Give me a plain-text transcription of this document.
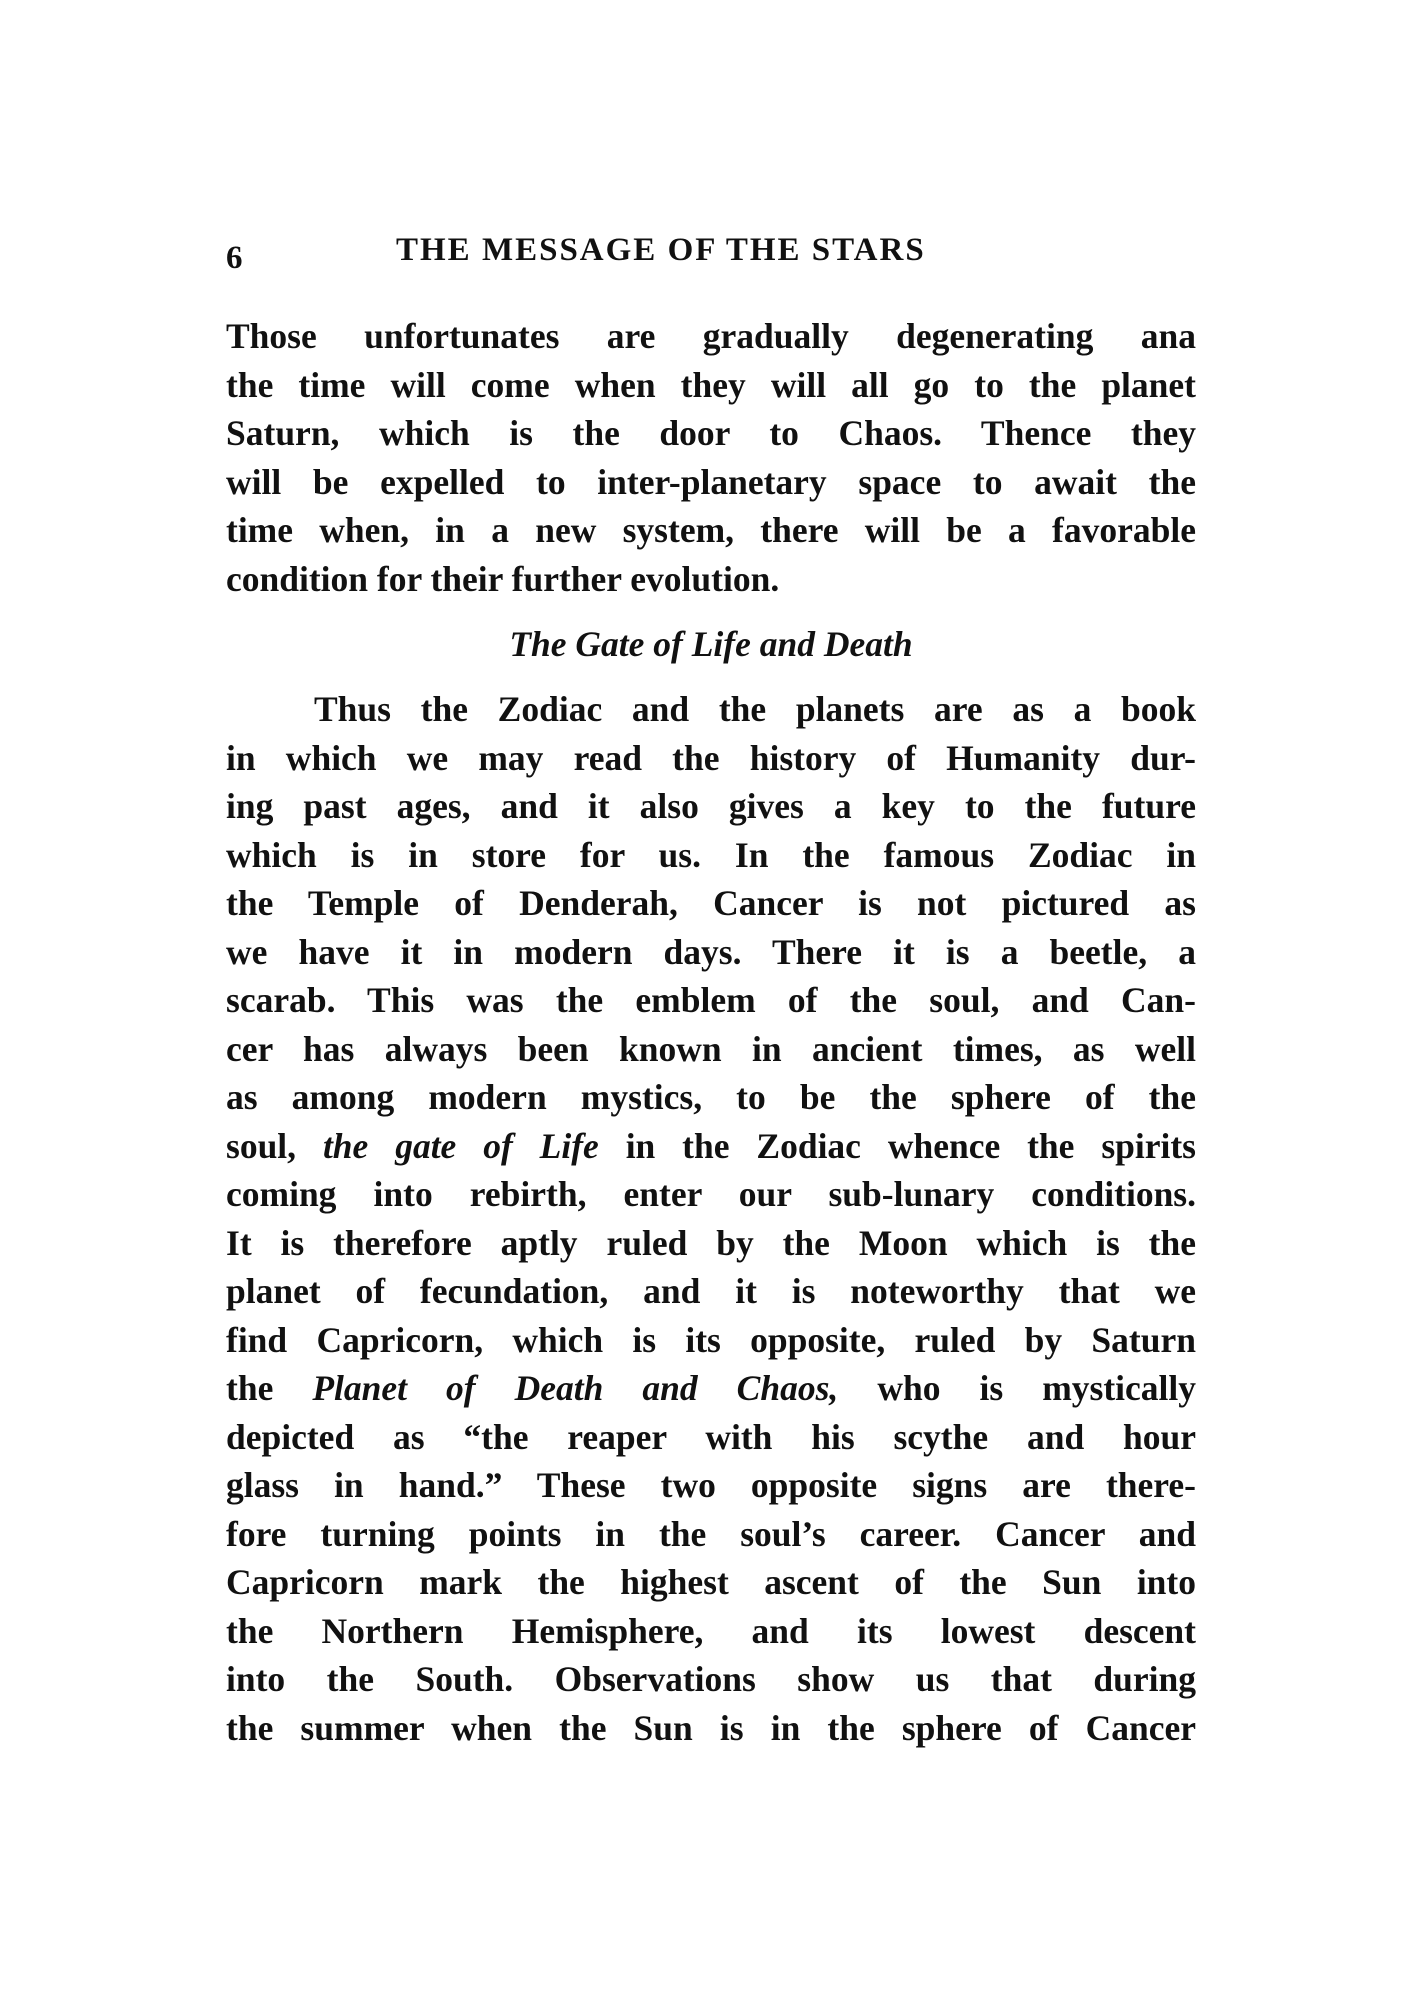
6	THE MESSAGE OF THE STARS
Those unfortunates are gradually degenerating ana
the time will come when they will all go to the planet
Saturn, which is the door to Chaos. Thence they
will be expelled to inter-planetary space to await the
time when, in a new system, there will be a favorable
condition for their further evolution.
The Gate of Life and Death
Thus the Zodiac and the planets are as a book
in which we may read the history of Humanity dur-
ing past ages, and it also gives a key to the future
which is in store for us. In the famous Zodiac in
the Temple of Denderah, Cancer is not pictured as
we have it in modern days. There it is a beetle, a
scarab. This was the emblem of the soul, and Can-
cer has always been known in ancient times, as well
as among modern mystics, to be the sphere of the
soul, the gate of Life in the Zodiac whence the spirits
coming into rebirth, enter our sub-lunary conditions.
It is therefore aptly ruled by the Moon which is the
planet of fecundation, and it is noteworthy that we
find Capricorn, which is its opposite, ruled by Saturn
the Planet of Death and Chaos, who is mystically
depicted as “the reaper with his scythe and hour
glass in hand.” These two opposite signs are there-
fore turning points in the soul’s career. Cancer and
Capricorn mark the highest ascent of the Sun into
the Northern Hemisphere, and its lowest descent
into the South. Observations show us that during
the summer when the Sun is in the sphere of Cancer
